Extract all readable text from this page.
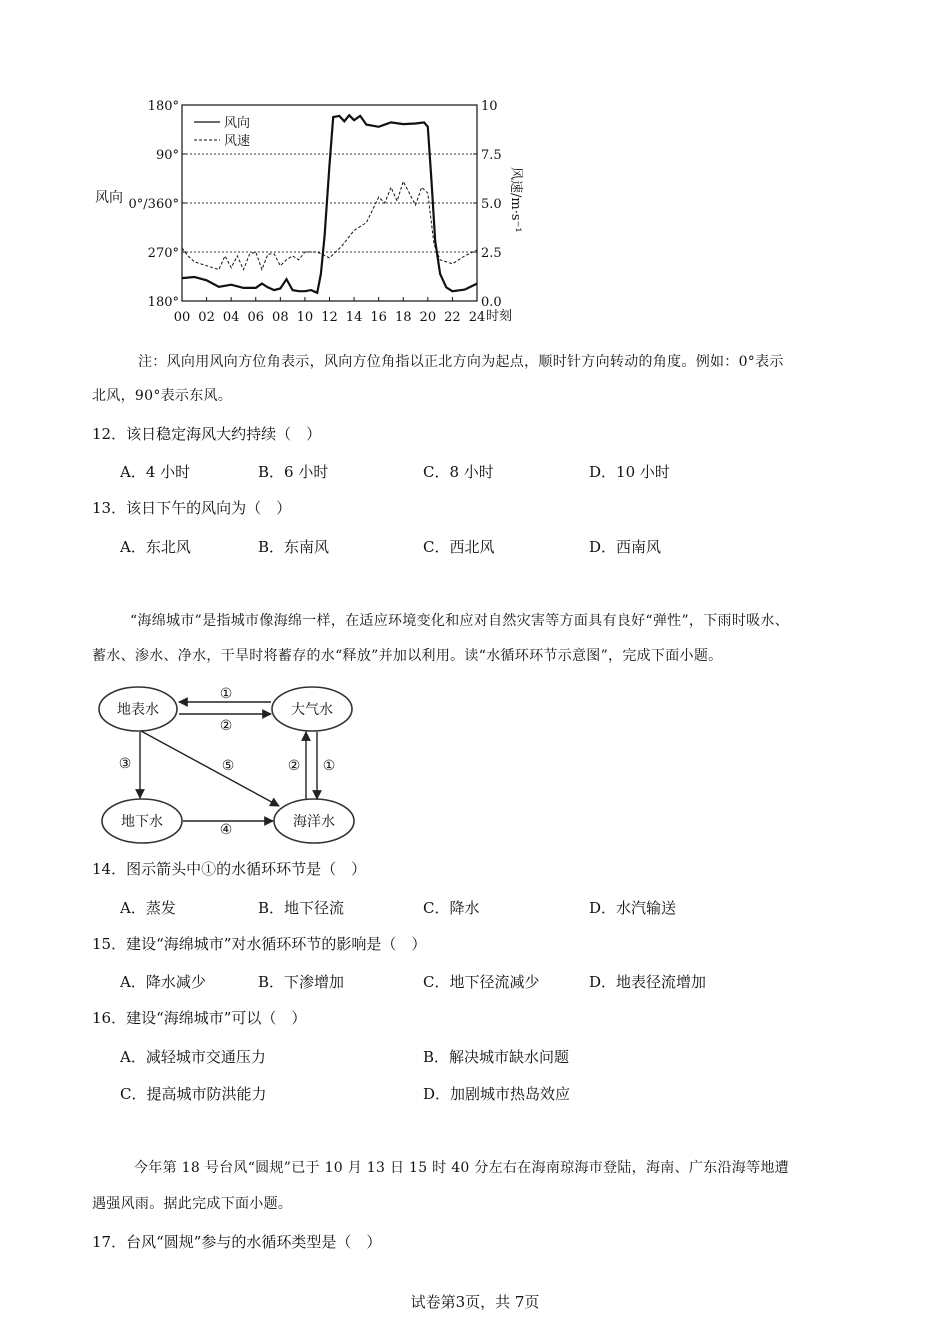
00 02 04 06 08 10 12 14 16 18 20 22 24
180°
90°
0°/360°
270°
180°
10
7.5
5.0
2.5
0.0
风向	风速/m·s⁻¹
时刻
风向
风速
注：风向用风向方位角表示，风向方位角指以正北方向为起点，顺时针方向转动的角度。例如：0°表示
北风，90°表示东风。
12．该日稳定海风大约持续（　）
A．4 小时	B．6 小时	C．8 小时	D．10 小时
13．该日下午的风向为（　）
A．东北风	B．东南风	C．西北风	D．西南风
“海绵城市”是指城市像海绵一样，在适应环境变化和应对自然灾害等方面具有良好“弹性”，下雨时吸水、
蓄水、渗水、净水，干旱时将蓄存的水“释放”并加以利用。读“水循环环节示意图”，完成下面小题。
地表水	大气水
地下水	海洋水
①
②
③
④
⑤	② ①
14．图示箭头中①的水循环环节是（　）
A．蒸发	B．地下径流	C．降水	D．水汽输送
15．建设“海绵城市”对水循环环节的影响是（　）
A．降水减少	B．下渗增加	C．地下径流减少	D．地表径流增加
16．建设“海绵城市”可以（　）
A．减轻城市交通压力	B．解决城市缺水问题
C．提高城市防洪能力	D．加剧城市热岛效应
今年第 18 号台风“圆规”已于 10 月 13 日 15 时 40 分左右在海南琼海市登陆，海南、广东沿海等地遭
遇强风雨。据此完成下面小题。
17．台风“圆规”参与的水循环类型是（　）
试卷第3页，共 7页
